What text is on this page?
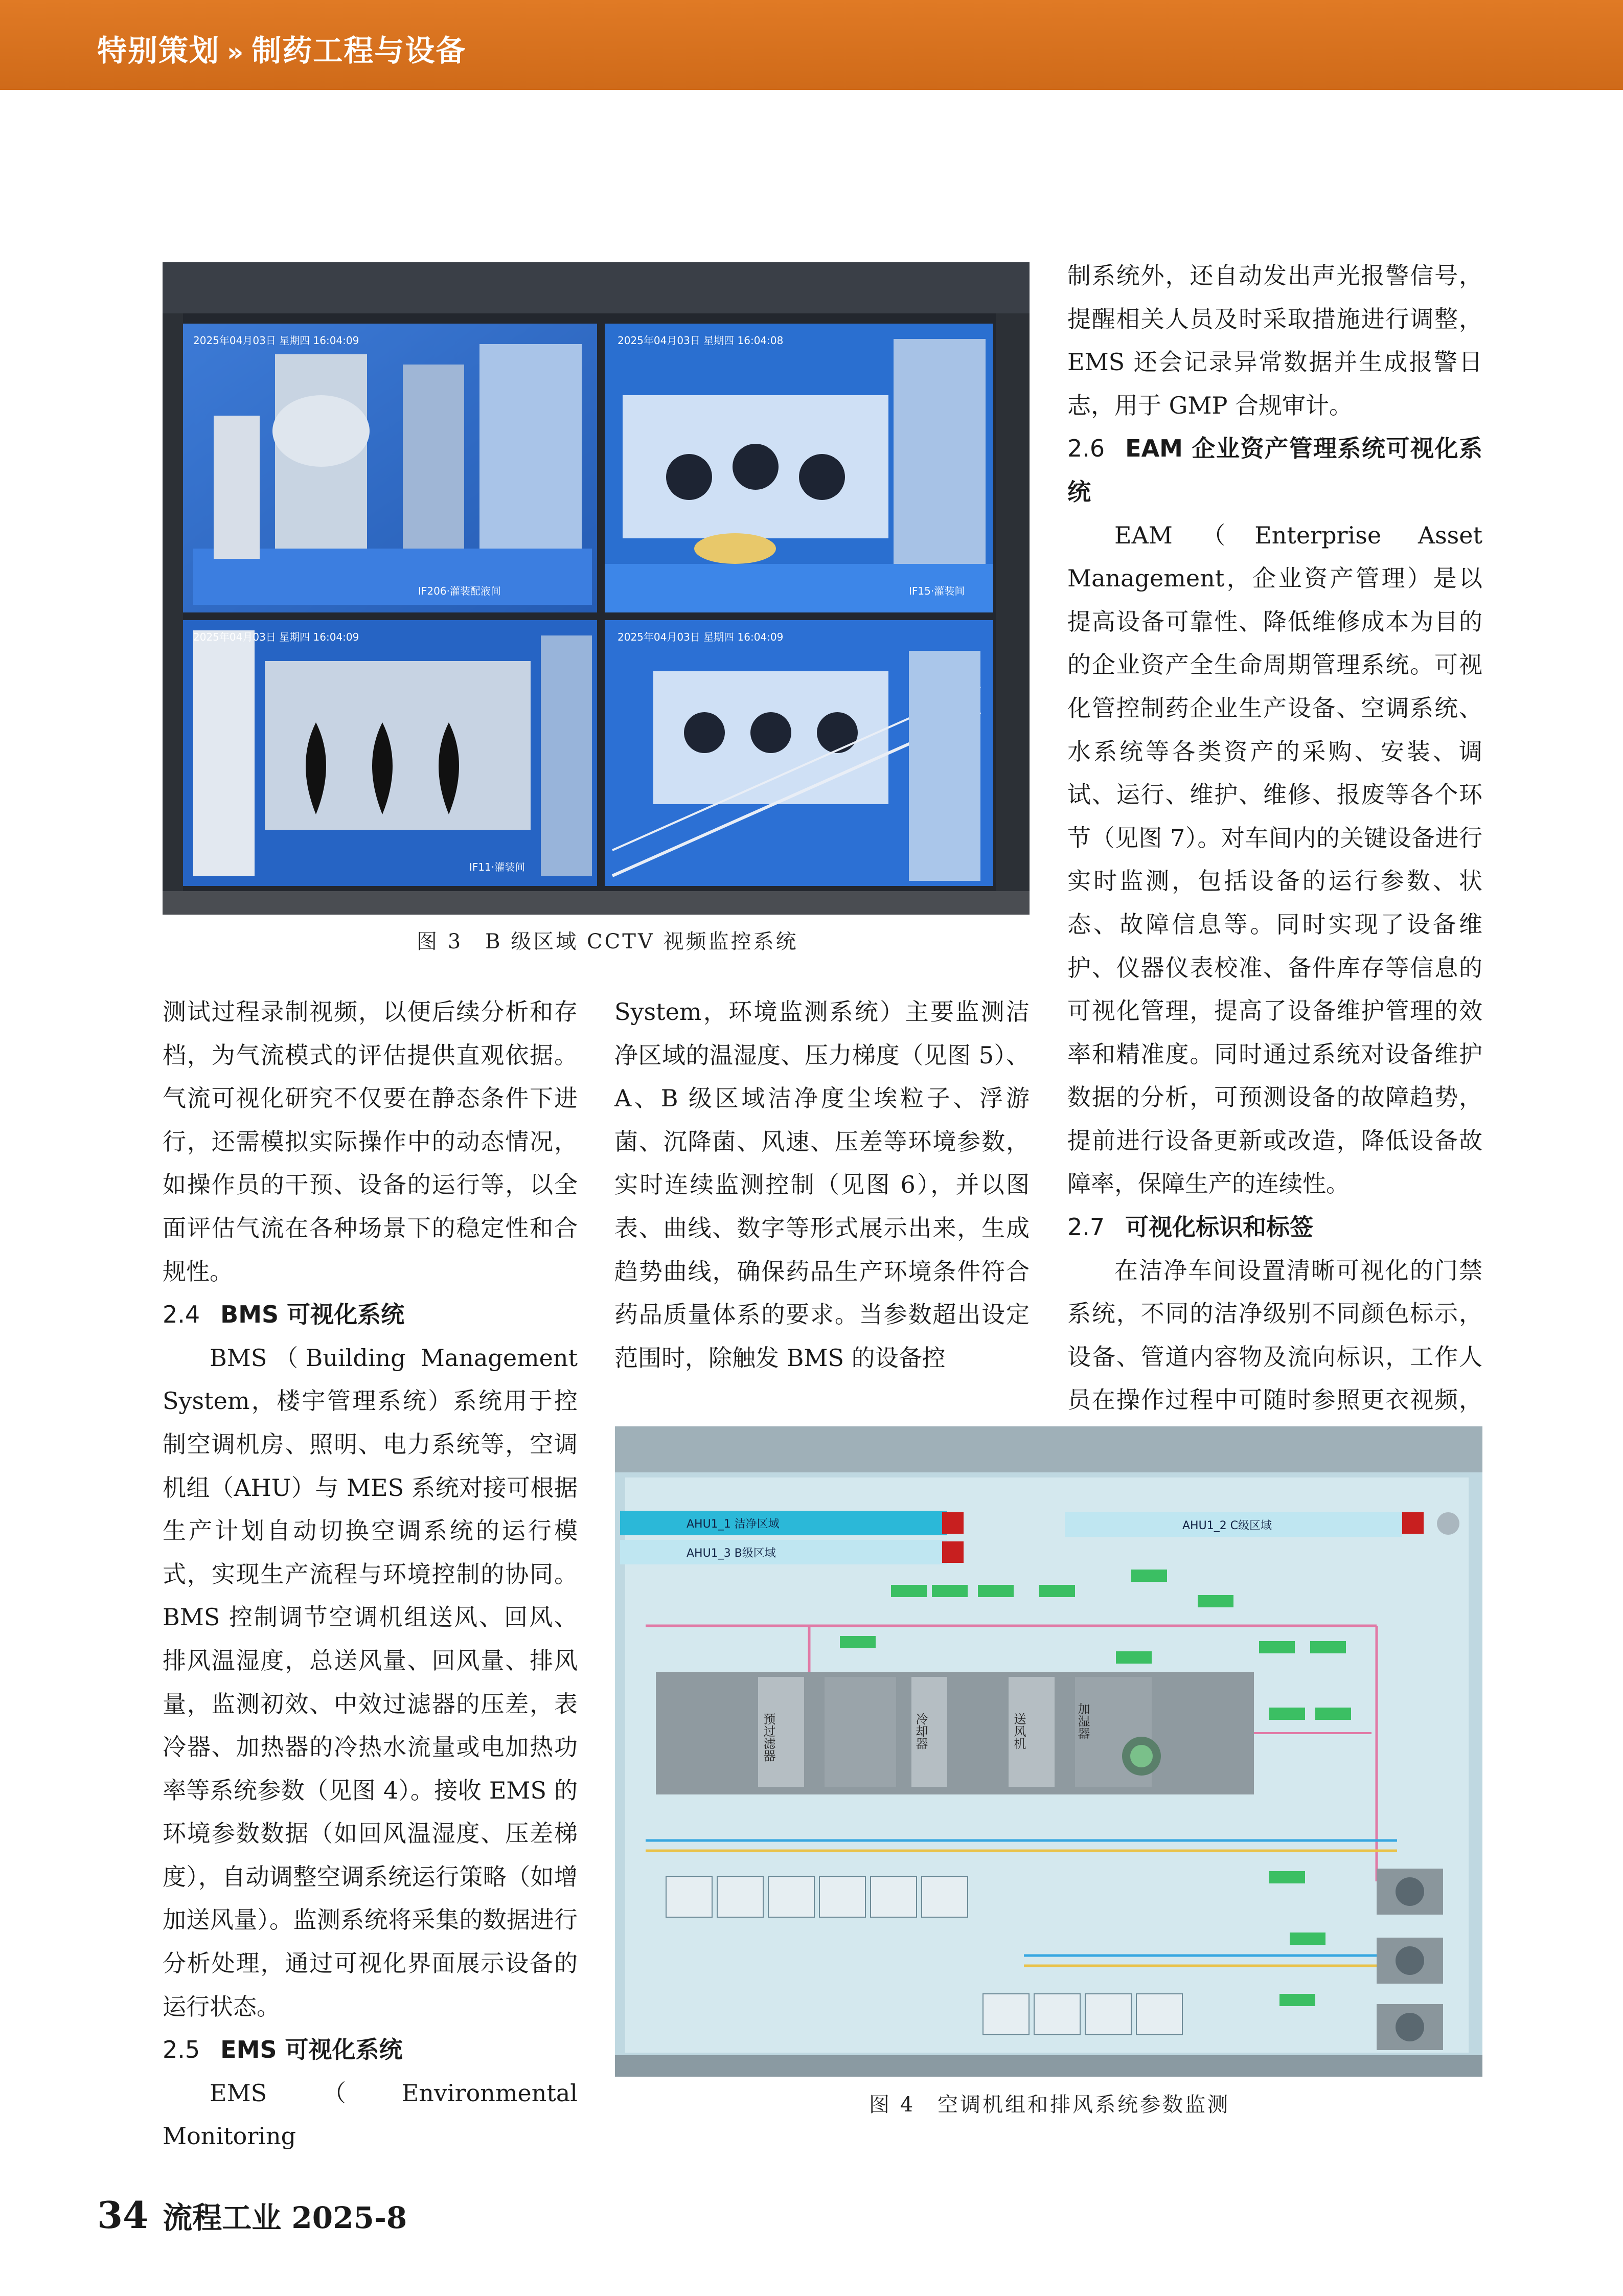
特别策划 » 制药工程与设备
2025年04月03日 星期四 16:04:09
IF206·灌装配液间
2025年04月03日 星期四 16:04:08
IF15·灌装间
2025年04月03日 星期四 16:04:09
IF11·灌装间
2025年04月03日 星期四 16:04:09
图 3　B 级区域 CCTV 视频监控系统

测试过程录制视频，以便后续分析和存档，为气流模式的评估提供直观依据。气流可视化研究不仅要在静态条件下进行，还需模拟实际操作中的动态情况，如操作员的干预、设备的运行等，以全面评估气流在各种场景下的稳定性和合规性。

2.4 BMS 可视化系统

BMS（Building Management System，楼宇管理系统）系统用于控制空调机房、照明、电力系统等，空调机组（AHU）与 MES 系统对接可根据生产计划自动切换空调系统的运行模式，实现生产流程与环境控制的协同。BMS 控制调节空调机组送风、回风、排风温湿度，总送风量、回风量、排风量，监测初效、中效过滤器的压差，表冷器、加热器的冷热水流量或电加热功率等系统参数（见图 4）。接收 EMS 的环境参数数据（如回风温湿度、压差梯度），自动调整空调系统运行策略（如增加送风量）。监测系统将采集的数据进行分析处理，通过可视化界面展示设备的运行状态。

2.5 EMS 可视化系统

EMS（Environmental Monitoring

System，环境监测系统）主要监测洁净区域的温湿度、压力梯度（见图 5）、A、B 级区域洁净度尘埃粒子、浮游菌、沉降菌、风速、压差等环境参数，实时连续监测控制（见图 6），并以图表、曲线、数字等形式展示出来，生成趋势曲线，确保药品生产环境条件符合药品质量体系的要求。当参数超出设定范围时，除触发 BMS 的设备控

制系统外，还自动发出声光报警信号，提醒相关人员及时采取措施进行调整，EMS 还会记录异常数据并生成报警日志，用于 GMP 合规审计。

2.6 EAM 企业资产管理系统可视化系统

EAM（Enterprise Asset Management，企业资产管理）是以提高设备可靠性、降低维修成本为目的的企业资产全生命周期管理系统。可视化管控制药企业生产设备、空调系统、水系统等各类资产的采购、安装、调试、运行、维护、维修、报废等各个环节（见图 7）。对车间内的关键设备进行实时监测，包括设备的运行参数、状态、故障信息等。同时实现了设备维护、仪器仪表校准、备件库存等信息的可视化管理，提高了设备维护管理的效率和精准度。同时通过系统对设备维护数据的分析，可预测设备的故障趋势，提前进行设备更新或改造，降低设备故障率，保障生产的连续性。

2.7 可视化标识和标签

在洁净车间设置清晰可视化的门禁系统，不同的洁净级别不同颜色标示，设备、管道内容物及流向标识，工作人员在操作过程中可随时参照更衣视频，

AHU1_1 洁净区域
AHU1_3 B级区域
AHU1_2 C级区域
预过滤器	冷却器	送风机	加湿器
图 4　空调机组和排风系统参数监测
34 流程工业 2025-8
